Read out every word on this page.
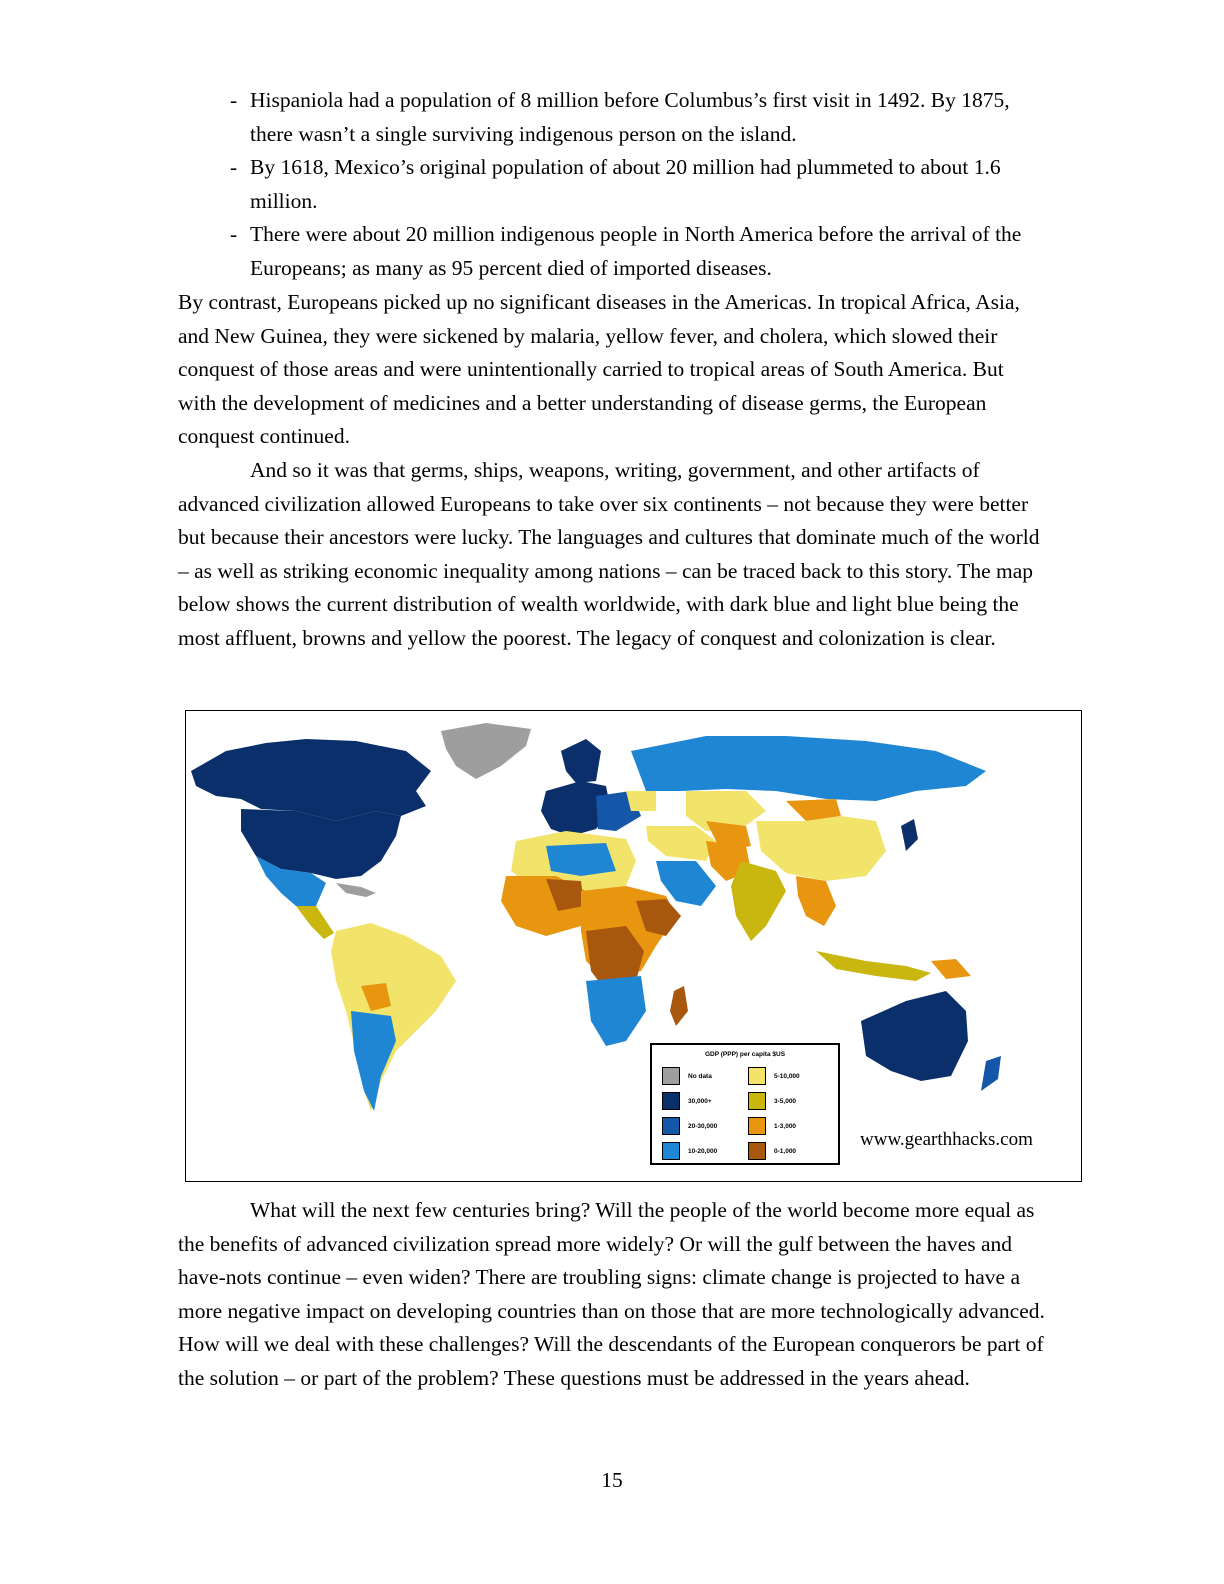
- Hispaniola had a population of 8 million before Columbus’s first visit in 1492. By 1875, there wasn’t a single surviving indigenous person on the island.
- By 1618, Mexico’s original population of about 20 million had plummeted to about 1.6 million.
- There were about 20 million indigenous people in North America before the arrival of the Europeans; as many as 95 percent died of imported diseases.

By contrast, Europeans picked up no significant diseases in the Americas. In tropical Africa, Asia, and New Guinea, they were sickened by malaria, yellow fever, and cholera, which slowed their conquest of those areas and were unintentionally carried to tropical areas of South America. But with the development of medicines and a better understanding of disease germs, the European conquest continued.

And so it was that germs, ships, weapons, writing, government, and other artifacts of advanced civilization allowed Europeans to take over six continents – not because they were better but because their ancestors were lucky. The languages and cultures that dominate much of the world – as well as striking economic inequality among nations – can be traced back to this story. The map below shows the current distribution of wealth worldwide, with dark blue and light blue being the most affluent, browns and yellow the poorest. The legacy of conquest and colonization is clear.

GDP (PPP) per capita $US
No data
30,000+
20-30,000
10-20,000
5-10,000
3-5,000
1-3,000
0-1,000
www.gearthhacks.com

What will the next few centuries bring? Will the people of the world become more equal as the benefits of advanced civilization spread more widely? Or will the gulf between the haves and have-nots continue – even widen? There are troubling signs: climate change is projected to have a more negative impact on developing countries than on those that are more technologically advanced. How will we deal with these challenges? Will the descendants of the European conquerors be part of the solution – or part of the problem? These questions must be addressed in the years ahead.

15
